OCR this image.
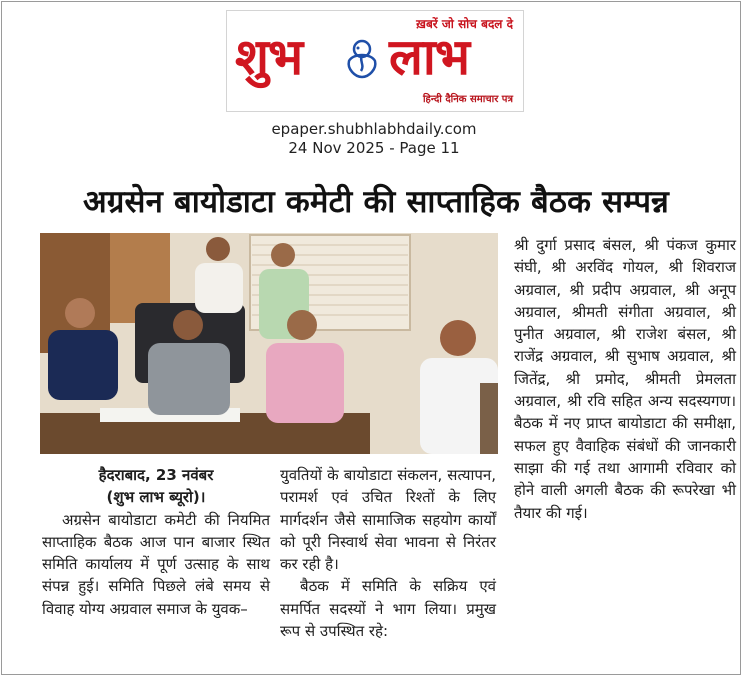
ख़बरें जो सोच बदल दे
शुभ लाभ
हिन्दी दैनिक समाचार पत्र
epaper.shubhlabhdaily.com
24 Nov 2025 - Page 11
अग्रसेन बायोडाटा कमेटी की साप्ताहिक बैठक सम्पन्न

हैदराबाद, 23 नवंबर

(शुभ लाभ ब्यूरो)।

अग्रसेन बायोडाटा कमेटी की नियमित साप्ताहिक बैठक आज पान बाजार स्थित समिति कार्यालय में पूर्ण उत्साह के साथ संपन्न हुई। समिति पिछले लंबे समय से विवाह योग्य अग्रवाल समाज के युवक–

युवतियों के बायोडाटा संकलन, सत्यापन, परामर्श एवं उचित रिश्तों के लिए मार्गदर्शन जैसे सामाजिक सहयोग कार्यों को पूरी निस्वार्थ सेवा भावना से निरंतर कर रही है।

बैठक में समिति के सक्रिय एवं समर्पित सदस्यों ने भाग लिया। प्रमुख रूप से उपस्थित रहे:

श्री दुर्गा प्रसाद बंसल, श्री पंकज कुमार संघी, श्री अरविंद गोयल, श्री शिवराज अग्रवाल, श्री प्रदीप अग्रवाल, श्री अनूप अग्रवाल, श्रीमती संगीता अग्रवाल, श्री पुनीत अग्रवाल, श्री राजेश बंसल, श्री राजेंद्र अग्रवाल, श्री सुभाष अग्रवाल, श्री जितेंद्र, श्री प्रमोद, श्रीमती प्रेमलता अग्रवाल, श्री रवि सहित अन्य सदस्यगण।बैठक में नए प्राप्त बायोडाटा की समीक्षा, सफल हुए वैवाहिक संबंधों की जानकारी साझा की गई तथा आगामी रविवार को होने वाली अगली बैठक की रूपरेखा भी तैयार की गई।
